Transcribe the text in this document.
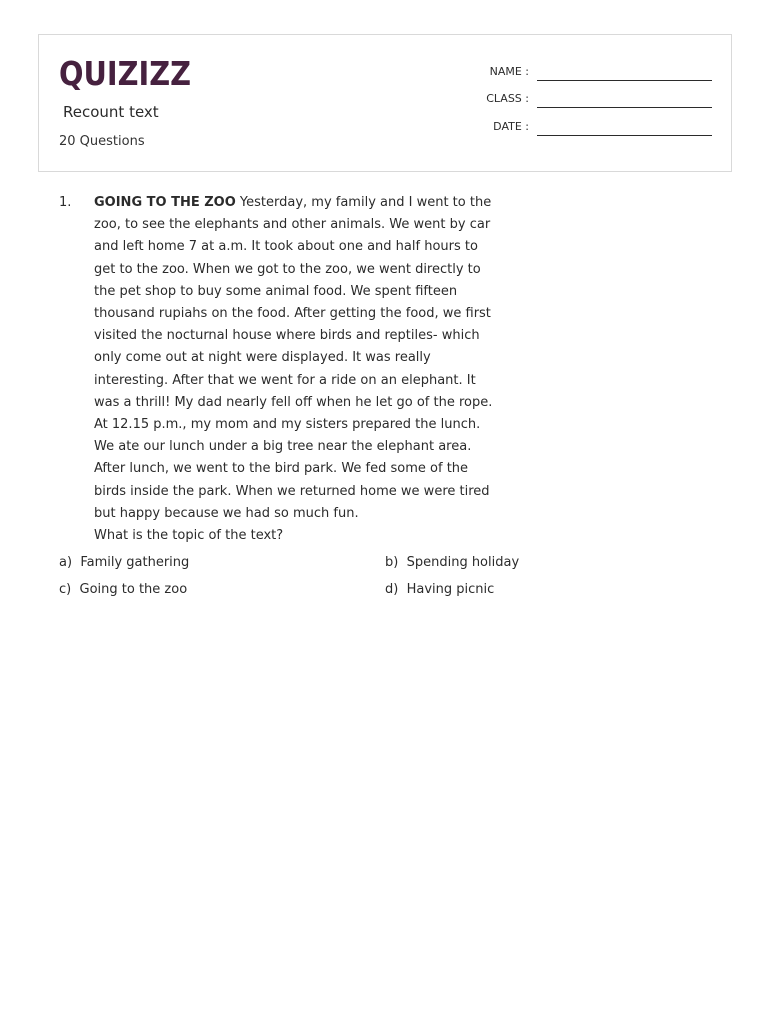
QUIZIZZ
Recount text
20 Questions
NAME :
CLASS :
DATE :
1. GOING TO THE ZOO Yesterday, my family and I went to the zoo, to see the elephants and other animals. We went by car and left home 7 at a.m. It took about one and half hours to get to the zoo. When we got to the zoo, we went directly to the pet shop to buy some animal food. We spent fifteen thousand rupiahs on the food. After getting the food, we first visited the nocturnal house where birds and reptiles- which only come out at night were displayed. It was really interesting. After that we went for a ride on an elephant. It was a thrill! My dad nearly fell off when he let go of the rope. At 12.15 p.m., my mom and my sisters prepared the lunch. We ate our lunch under a big tree near the elephant area. After lunch, we went to the bird park. We fed some of the birds inside the park. When we returned home we were tired but happy because we had so much fun.
What is the topic of the text?
a) Family gathering	b) Spending holiday
c) Going to the zoo	d) Having picnic
